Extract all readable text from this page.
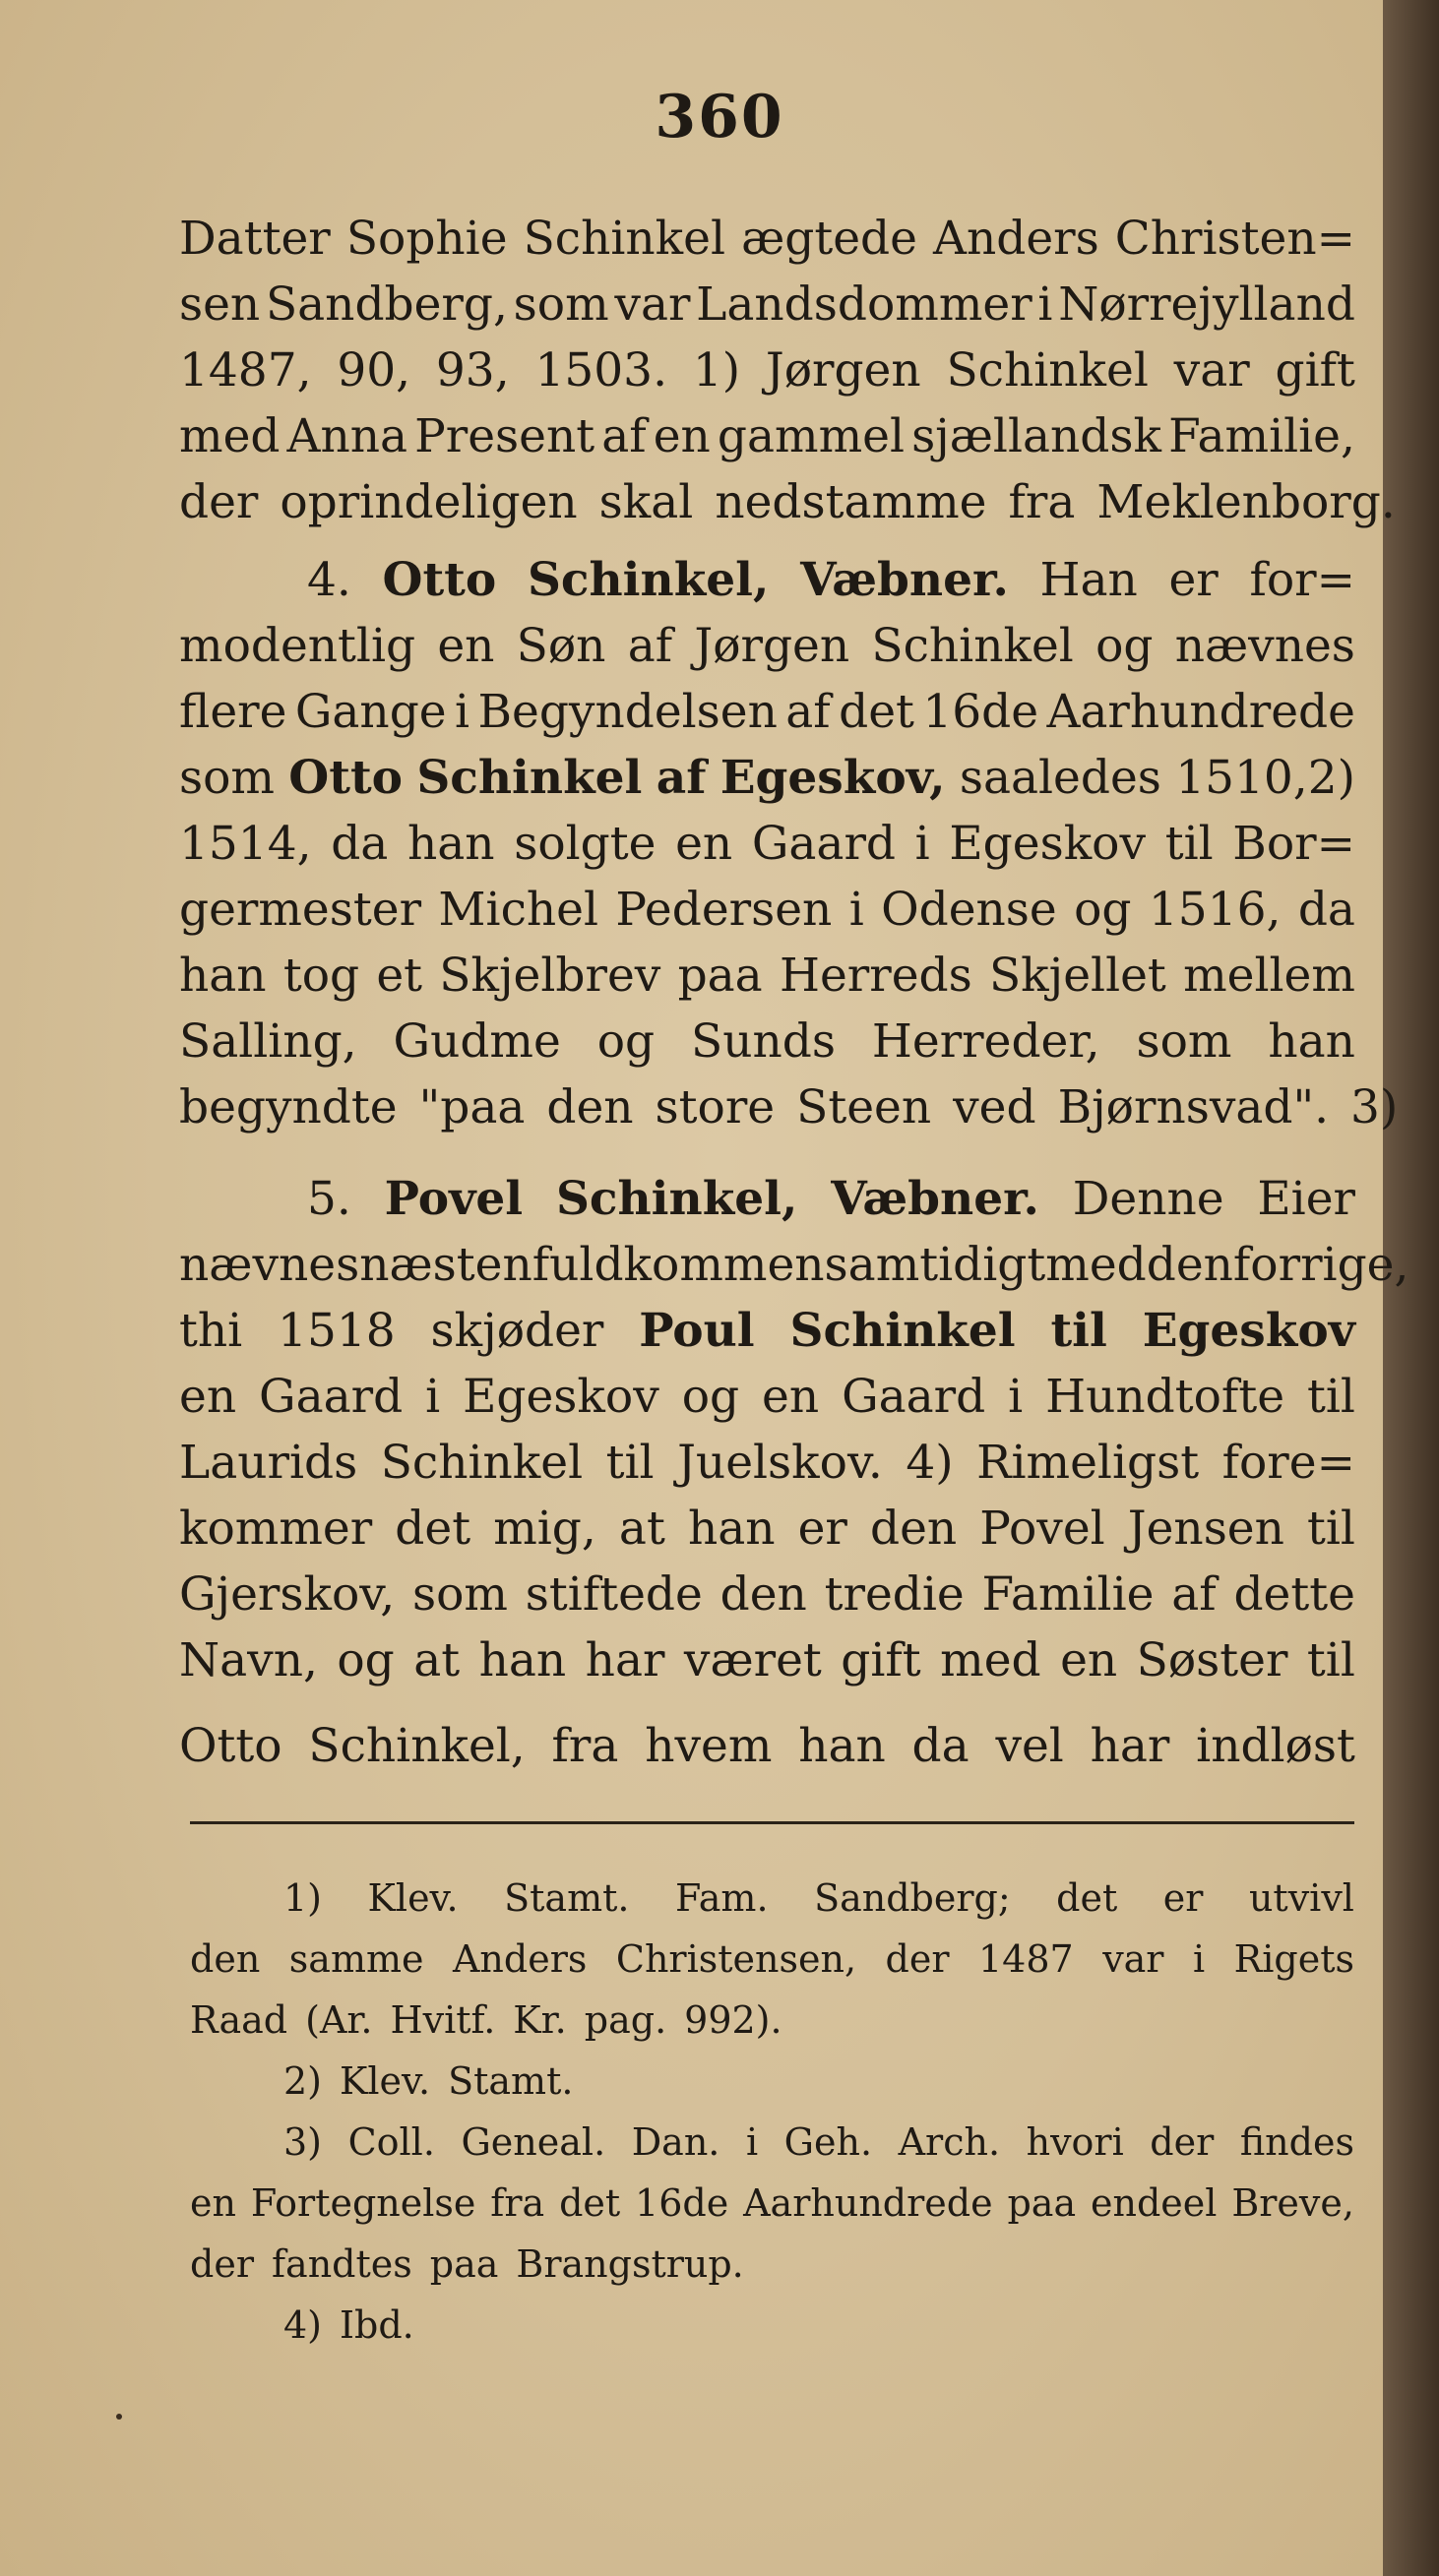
360
Datter Sophie Schinkel ægtede Anders Christen=
sen Sandberg, som var Landsdommer i Nørrejylland
1487, 90, 93, 1503. 1) Jørgen Schinkel var gift
med Anna Present af en gammel sjællandsk Familie,
der oprindeligen skal nedstamme fra Meklenborg.
4. Otto Schinkel, Væbner. Han er for=
modentlig en Søn af Jørgen Schinkel og nævnes
flere Gange i Begyndelsen af det 16de Aarhundrede
som Otto Schinkel af Egeskov, saaledes 1510,2)
1514, da han solgte en Gaard i Egeskov til Bor=
germester Michel Pedersen i Odense og 1516, da
han tog et Skjelbrev paa Herreds Skjellet mellem
Salling, Gudme og Sunds Herreder, som han
begyndte "paa den store Steen ved Bjørnsvad". 3)
5. Povel Schinkel, Væbner. Denne Eier
nævnes næsten fuldkommen samtidigt med den forrige,
thi 1518 skjøder Poul Schinkel til Egeskov
en Gaard i Egeskov og en Gaard i Hundtofte til
Laurids Schinkel til Juelskov. 4) Rimeligst fore=
kommer det mig, at han er den Povel Jensen til
Gjerskov, som stiftede den tredie Familie af dette
Navn, og at han har været gift med en Søster til
Otto Schinkel, fra hvem han da vel har indløst
1) Klev. Stamt. Fam. Sandberg; det er utvivl
den samme Anders Christensen, der 1487 var i Rigets
Raad (Ar. Hvitf. Kr. pag. 992).
2) Klev. Stamt.
3) Coll. Geneal. Dan. i Geh. Arch. hvori der findes
en Fortegnelse fra det 16de Aarhundrede paa endeel Breve,
der fandtes paa Brangstrup.
4) Ibd.
